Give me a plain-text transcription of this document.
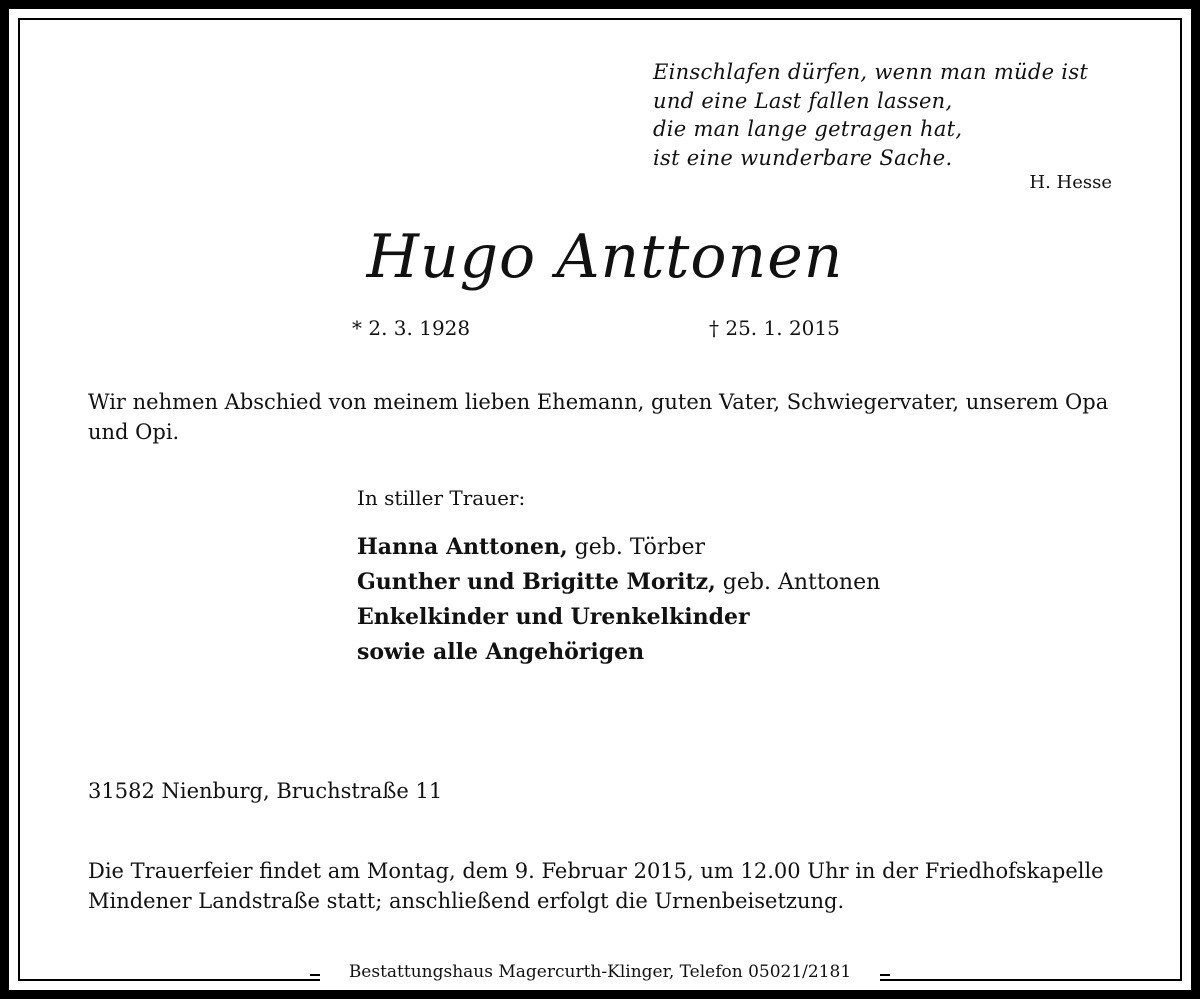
Einschlafen dürfen, wenn man müde ist
und eine Last fallen lassen,
die man lange getragen hat,
ist eine wunderbare Sache.
H. Hesse
Hugo Anttonen
* 2. 3. 1928	† 25. 1. 2015
Wir nehmen Abschied von meinem lieben Ehemann, guten Vater, Schwiegervater, unserem Opa und Opi.
In stiller Trauer:
Hanna Anttonen, geb. Törber
Gunther und Brigitte Moritz, geb. Anttonen
Enkelkinder und Urenkelkinder
sowie alle Angehörigen
31582 Nienburg, Bruchstraße 11
Die Trauerfeier findet am Montag, dem 9. Februar 2015, um 12.00 Uhr in der Friedhofskapelle Mindener Landstraße statt; anschließend erfolgt die Urnenbeisetzung.
Bestattungshaus Magercurth-Klinger, Telefon 05021/2181
